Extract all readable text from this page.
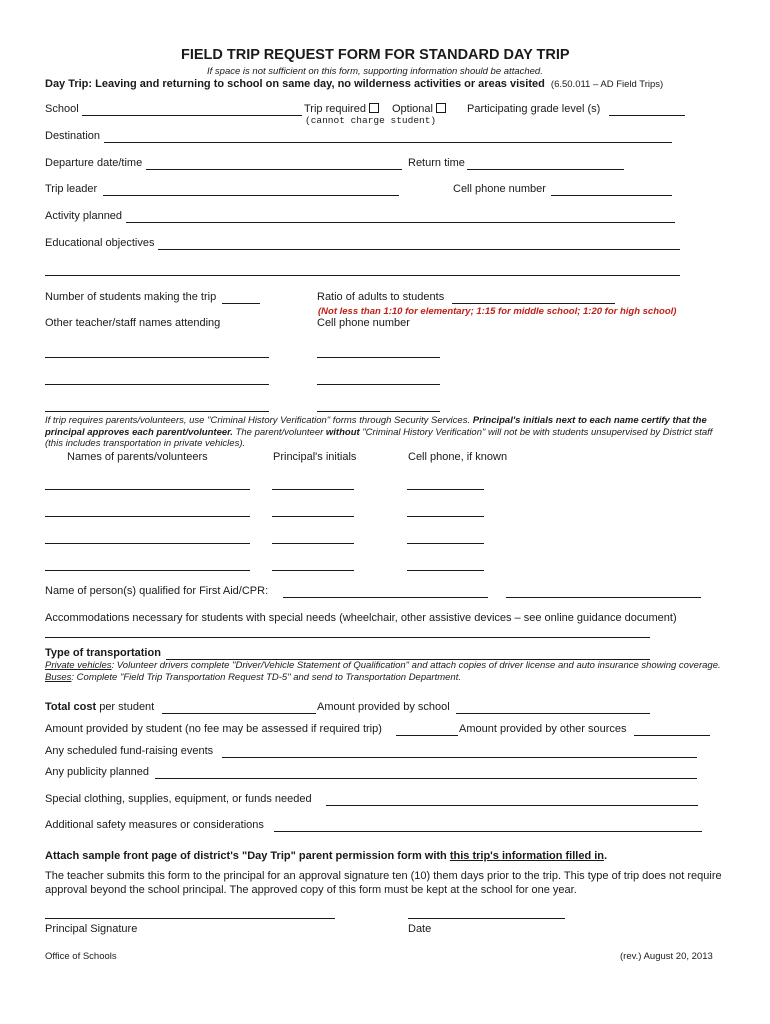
FIELD TRIP REQUEST FORM FOR STANDARD DAY TRIP
If space is not sufficient on this form, supporting information should be attached.
Day Trip: Leaving and returning to school on same day, no wilderness activities or areas visited (6.50.011 – AD Field Trips)
School	Trip required	Optional	Participating grade level (s)
(cannot charge student)
Destination
Departure date/time	Return time
Trip leader	Cell phone number
Activity planned
Educational objectives
Number of students making the trip	Ratio of adults to students
(Not less than 1:10 for elementary; 1:15 for middle school; 1:20 for high school)
Other teacher/staff names attending	Cell phone number
If trip requires parents/volunteers, use "Criminal History Verification" forms through Security Services. Principal's initials next to each name certify that the principal approves each parent/volunteer. The parent/volunteer without "Criminal History Verification" will not be with students unsupervised by District staff (this includes transportation in private vehicles).
Names of parents/volunteers	Principal's initials	Cell phone, if known
Name of person(s) qualified for First Aid/CPR:
Accommodations necessary for students with special needs (wheelchair, other assistive devices – see online guidance document)
Type of transportation
Private vehicles: Volunteer drivers complete "Driver/Vehicle Statement of Qualification" and attach copies of driver license and auto insurance showing coverage. Buses: Complete "Field Trip Transportation Request TD-5" and send to Transportation Department.
Total cost per student	Amount provided by school
Amount provided by student (no fee may be assessed if required trip)	Amount provided by other sources
Any scheduled fund-raising events
Any publicity planned
Special clothing, supplies, equipment, or funds needed
Additional safety measures or considerations
Attach sample front page of district's "Day Trip" parent permission form with this trip's information filled in.
The teacher submits this form to the principal for an approval signature ten (10) them days prior to the trip. This type of trip does not require approval beyond the school principal. The approved copy of this form must be kept at the school for one year.
Principal Signature	Date
Office of Schools	(rev.) August 20, 2013
